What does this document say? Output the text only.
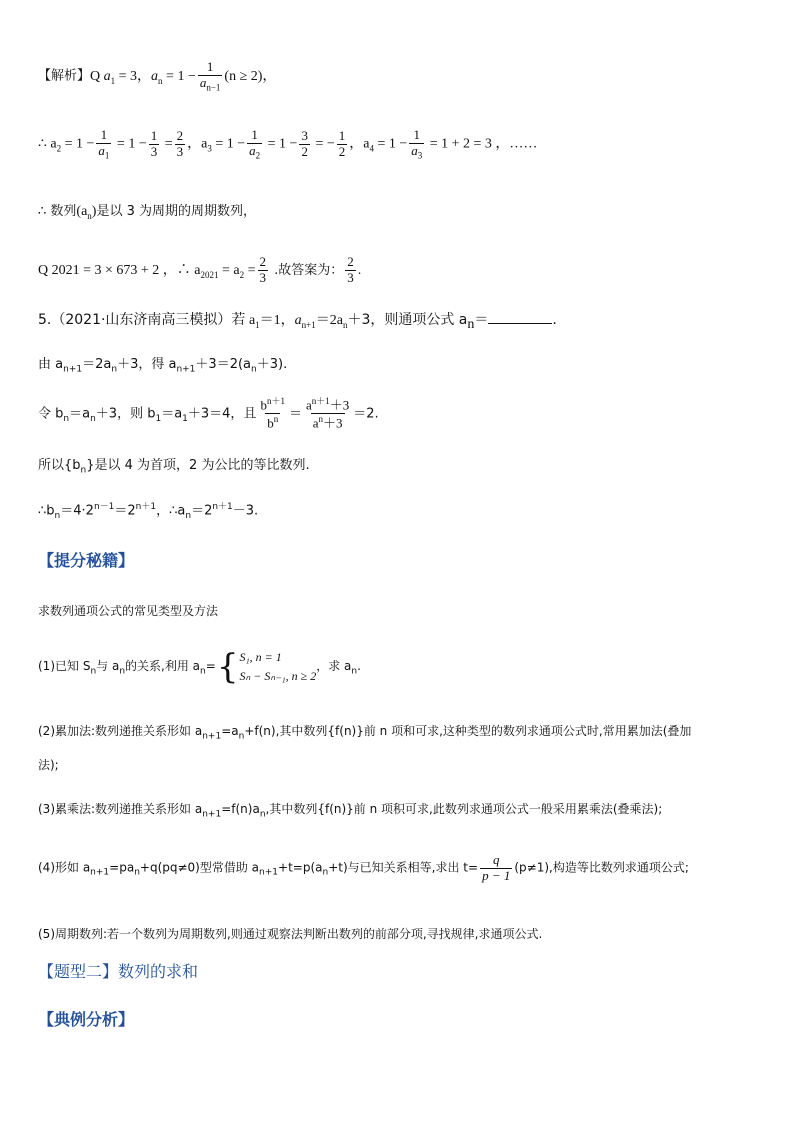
【解析】Q $a_1 = 3$，$a_n = 1 - \frac{1}{a_{n-1}} (n \ge 2)$，
∴ $a_2 = 1 - \frac{1}{a_1} = 1 - \frac{1}{3} = \frac{2}{3}$ ，$a_3 = 1 - \frac{1}{a_2} = 1 - \frac{3}{2}$ = − $\frac{1}{2}$ ，$a_4 = 1 - \frac{1}{a_3} = 1 + 2 = 3$ ，……
∴ 数列$(a_n)$是以 3 为周期的周期数列，
Q 2021 = 3 × 673 + 2 ，∴ $a_{2021} = a_2 = \frac{2}{3}$ .故答案为： $\frac{2}{3}$ .
5.（2021·山东济南高三模拟）若 $a_1=1$，$a_{n+1}=2a_n+3$，则通项公式 $a_n=$	.
由 $a_{n+1}=2a_n+3$，得 $a_{n+1}+3=2(a_n+3)$.
令 $b_n=a_n+3$，则 $b_1=a_1+3=4$，且 $\frac{b^{n+1}}{b^n} = \frac{a^{n+1}+3}{a^n+3} =2$.
所以$\{b_n\}$是以 4 为首项，2 为公比的等比数列.
$\therefore b_n=4\cdot 2^{n-1}=2^{n+1}$，$\therefore a_n=2^{n+1}-3$.
【提分秘籍】
求数列通项公式的常见类型及方法
(1)已知 $S_n$与 $a_n$的关系,利用 $a_n=$ { S₁, n = 1
Sₙ − Sₙ₋₁, n ≥ 2
，求 $a_n$.
(2)累加法:数列递推关系形如 $a_{n+1}=a_n+f(n)$,其中数列{f(n)}前 n 项和可求,这种类型的数列求通项公式时,常用累加法(叠加
法);
(3)累乘法:数列递推关系形如 $a_{n+1}=f(n)a_n$,其中数列{f(n)}前 n 项积可求,此数列求通项公式一般采用累乘法(叠乘法);
(4)形如 $a_{n+1}=pa_n+q(pq\ne 0)$型常借助 $a_{n+1}+t=p(a_n+t)$与已知关系相等,求出 $t= \frac{q}{p - 1} (p\ne 1)$,构造等比数列求通项公式;
(5)周期数列:若一个数列为周期数列,则通过观察法判断出数列的前部分项,寻找规律,求通项公式.
【题型二】数列的求和
【典例分析】
